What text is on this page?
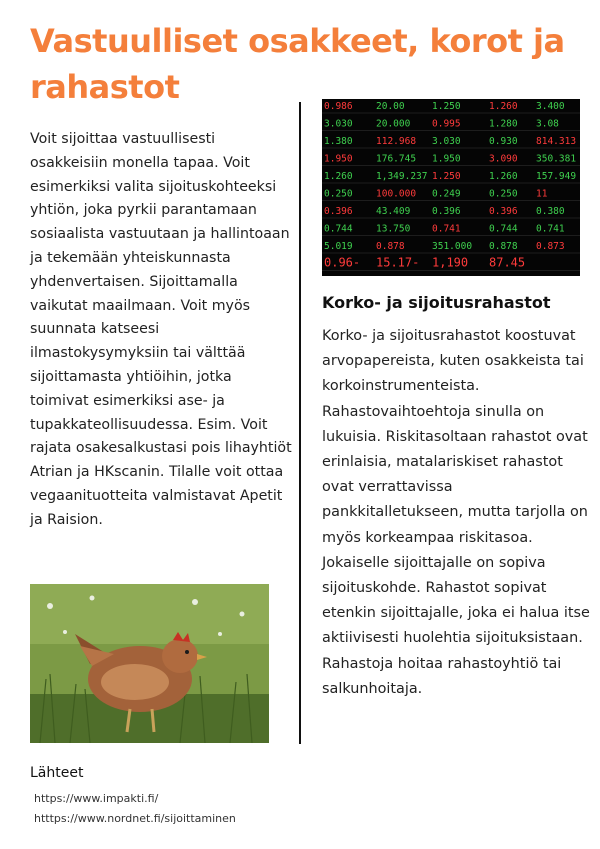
Vastuulliset osakkeet, korot ja rahastot

Voit sijoittaa vastuullisesti osakkeisiin monella tapaa. Voit esimerkiksi valita sijoituskohteeksi yhtiön, joka pyrkii parantamaan sosiaalista vastuutaan ja hallintoaan ja tekemään yhteiskunnasta yhdenvertaisen. Sijoittamalla vaikutat maailmaan. Voit myös suunnata katseesi ilmastokysymyksiin tai välttää sijoittamasta yhtiöihin, jotka toimivat esimerkiksi ase- ja tupakkateollisuudessa. Esim. Voit rajata osakesalkustasi pois lihayhtiöt Atrian ja HKscanin. Tilalle voit ottaa vegaanituotteita valmistavat Apetit ja Raision.

0.986 20.00	1.250	1.260 3.400
3.030 20.000 0.995	1.280 3.08
1.380 112.968 3.030	0.930 814.313
1.950 176.745 1.950	3.090 350.381
1.260 1,349.237 1.250	1.260 157.949
0.250 100.000 0.249	0.250 11
0.396 43.409 0.396	0.396 0.380
0.744 13.750 0.741	0.744 0.741
5.019 0.878	351.000 0.878 0.873
0.96- 15.17- 1,190 87.45
Korko- ja sijoitusrahastot

Korko- ja sijoitusrahastot koostuvat arvopapereista, kuten osakkeista tai korkoinstrumenteista. Rahastovaihtoehtoja sinulla on lukuisia. Riskitasoltaan rahastot ovat erinlaisia, matalariskiset rahastot ovat verrattavissa pankkitalletukseen, mutta tarjolla on myös korkeampaa riskitasoa. Jokaiselle sijoittajalle on sopiva sijoituskohde. Rahastot sopivat etenkin sijoittajalle, joka ei halua itse aktiivisesti huolehtia sijoituksistaan. Rahastoja hoitaa rahastoyhtiö tai salkunhoitaja.

Lähteet

https://www.impakti.fi/

htttps://www.nordnet.fi/sijoittaminen
